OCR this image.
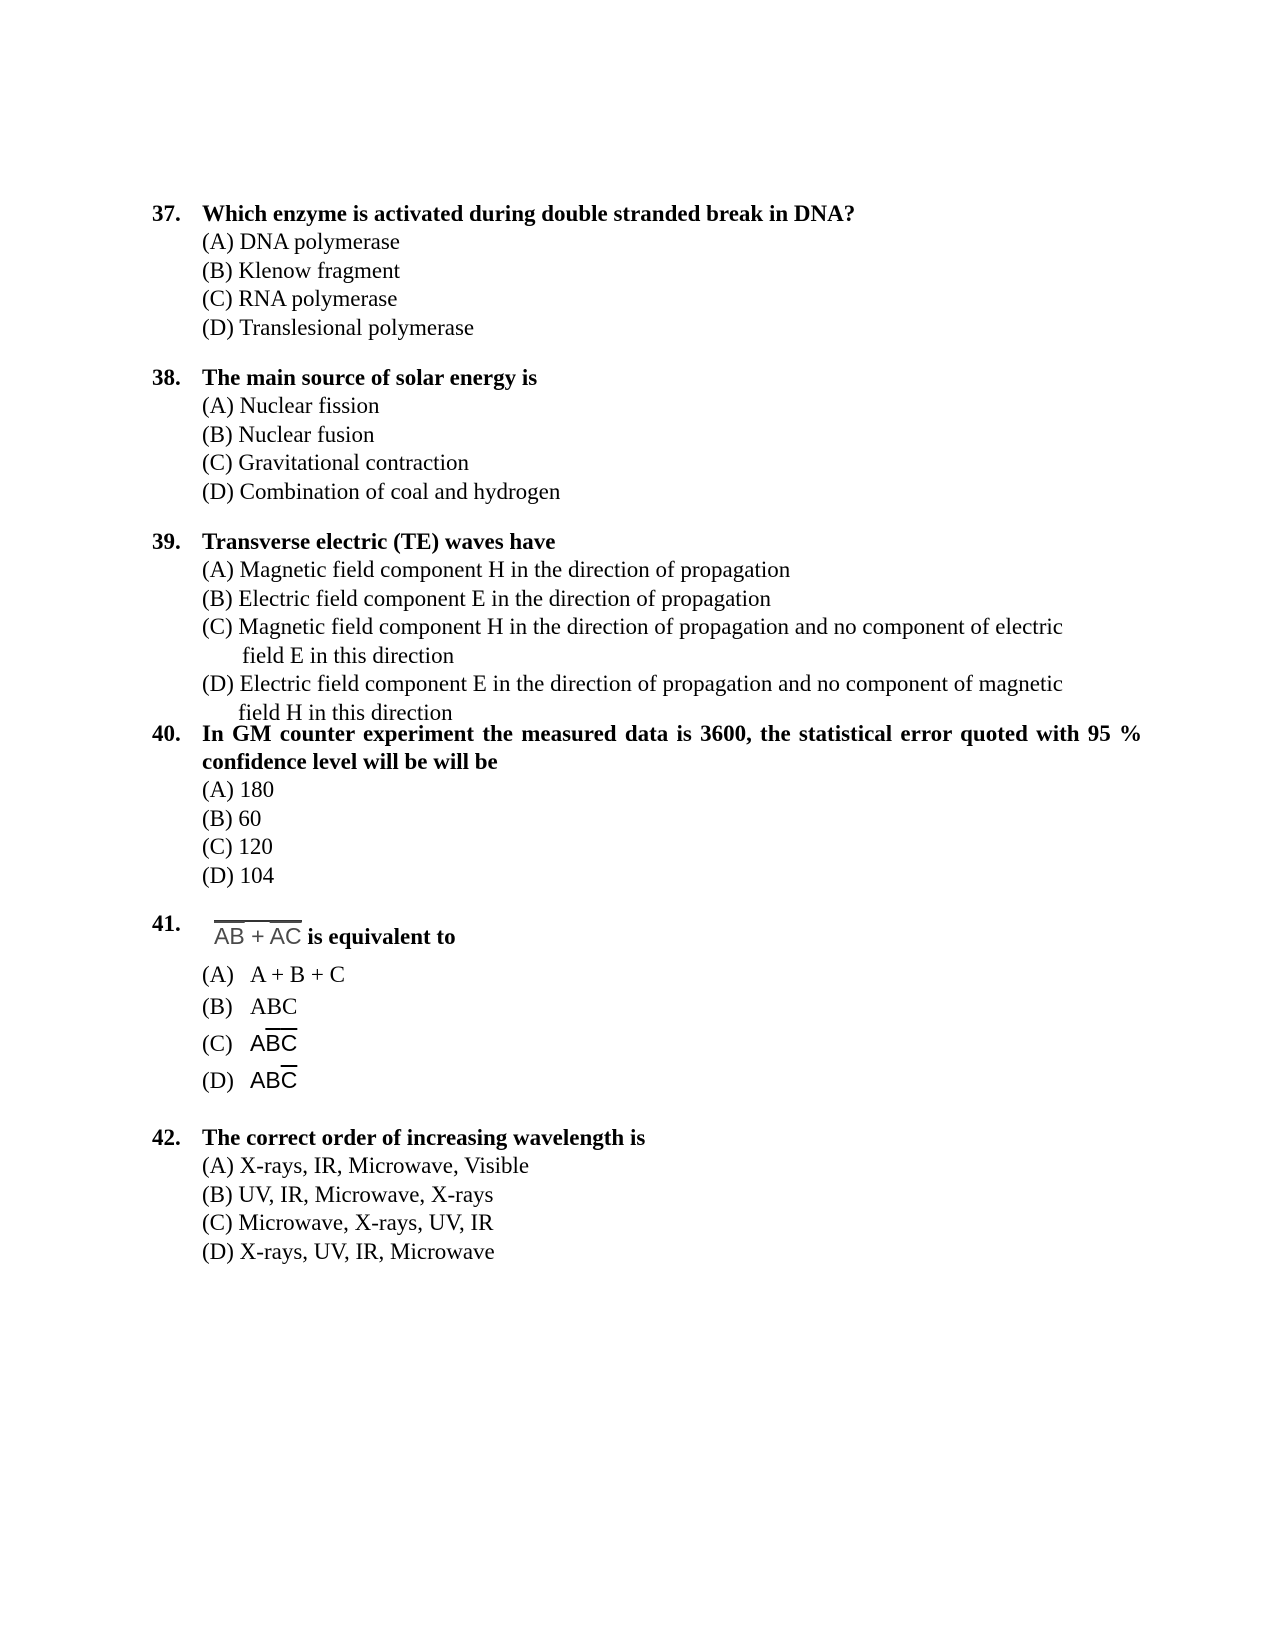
37. Which enzyme is activated during double stranded break in DNA?
(A) DNA polymerase
(B) Klenow fragment
(C) RNA polymerase
(D) Translesional polymerase
38. The main source of solar energy is
(A) Nuclear fission
(B) Nuclear fusion
(C) Gravitational contraction
(D) Combination of coal and hydrogen
39. Transverse electric (TE) waves have
(A) Magnetic field component H in the direction of propagation
(B) Electric field component E in the direction of propagation
(C) Magnetic field component H in the direction of propagation and no component of electric
field E in this direction
(D) Electric field component E in the direction of propagation and no component of magnetic
field H in this direction
40. In GM counter experiment the measured data is 3600, the statistical error quoted with 95 % confidence level will be will be
(A) 180
(B) 60
(C) 120
(D) 104
41.	$\overline{AB} + \overline{AC}$ is equivalent to
(A) A + B + C
(B) ABC
(C) $A\overline{B}\overline{C}$
(D) $AB\overline{C}$
42. The correct order of increasing wavelength is
(A) X-rays, IR, Microwave, Visible
(B) UV, IR, Microwave, X-rays
(C) Microwave, X-rays, UV, IR
(D) X-rays, UV, IR, Microwave
